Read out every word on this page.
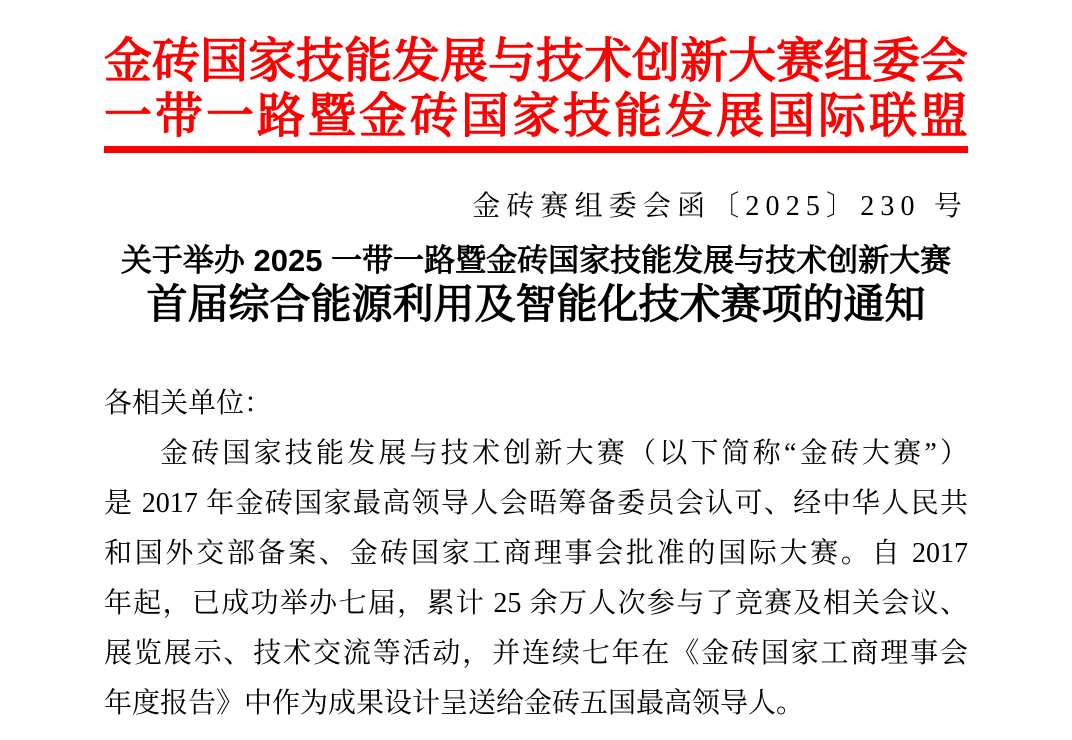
金砖国家技能发展与技术创新大赛组委会
一带一路暨金砖国家技能发展国际联盟
金砖赛组委会函〔2025〕230 号
关于举办 2025 一带一路暨金砖国家技能发展与技术创新大赛
首届综合能源利用及智能化技术赛项的通知
各相关单位：
金砖国家技能发展与技术创新大赛（以下简称“金砖大赛”）
是 2017 年金砖国家最高领导人会晤筹备委员会认可、经中华人民共
和国外交部备案、金砖国家工商理事会批准的国际大赛。自 2017
年起，已成功举办七届，累计 25 余万人次参与了竞赛及相关会议、
展览展示、技术交流等活动，并连续七年在《金砖国家工商理事会
年度报告》中作为成果设计呈送给金砖五国最高领导人。
